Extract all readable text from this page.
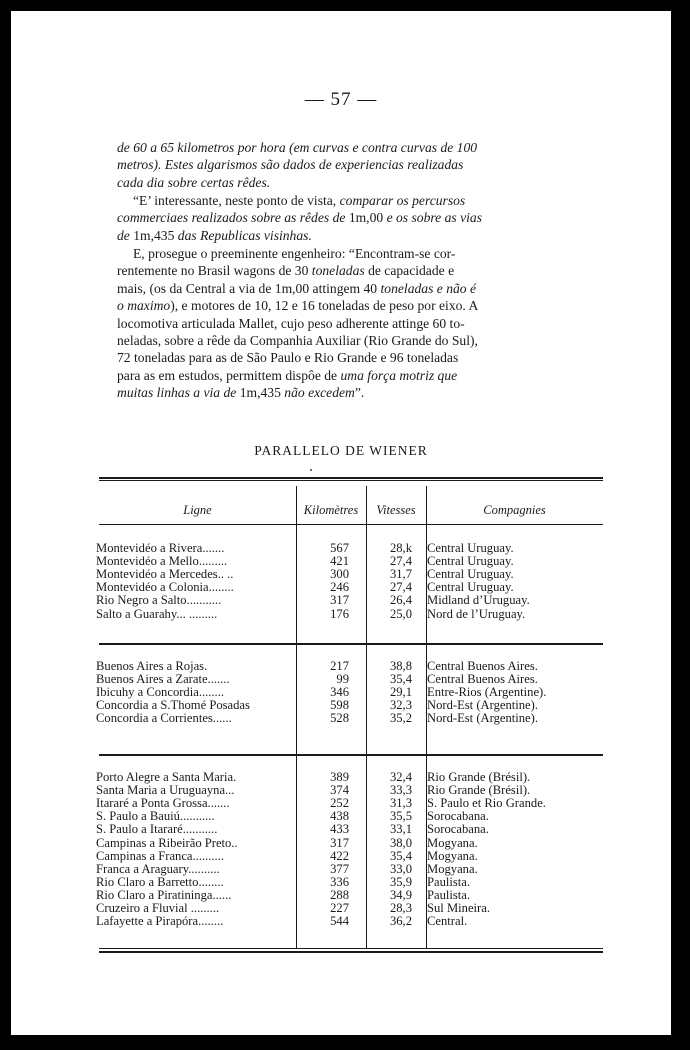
— 57 —
de 60 a 65 kilometros por hora (em curvas e contra curvas de 100
metros). Estes algarismos são dados de experiencias realizadas
cada dia sobre certas rêdes.
“E’ interessante, neste ponto de vista, comparar os percursos
commerciaes realizados sobre as rêdes de 1m,00 e os sobre as vias
de 1m,435 das Republicas visinhas.
E, prosegue o preeminente engenheiro: “Encontram-se cor-
rentemente no Brasil wagons de 30 toneladas de capacidade e
mais, (os da Central a via de 1m,00 attingem 40 toneladas e não é
o maximo), e motores de 10, 12 e 16 toneladas de peso por eixo. A
locomotiva articulada Mallet, cujo peso adherente attinge 60 to-
neladas, sobre a rêde da Companhia Auxiliar (Rio Grande do Sul),
72 toneladas para as de São Paulo e Rio Grande e 96 toneladas
para as em estudos, permittem dispôe de uma força motriz que
muitas linhas a via de 1m,435 não excedem”.
PARALLELO DE WIENER
Ligne	Kilomètres	Vitesses	Compagnies
Montevidéo a Rivera.......	567	28,k Central Uruguay.
Montevidéo a Mello.........	421	27,4 Central Uruguay.
Montevidéo a Mercedes.. ..	300	31,7 Central Uruguay.
Montevidéo a Colonia........	246	27,4 Central Uruguay.
Rio Negro a Salto...........	317	26,4 Midland d’Uruguay.
Salto a Guarahy... .........	176	25,0 Nord de l’Uruguay.
Buenos Aires a Rojas.	217	38,8 Central Buenos Aires.
Buenos Aires a Zarate.......	99	35,4 Central Buenos Aires.
Ibicuhy a Concordia........	346	29,1 Entre-Rios (Argentine).
Concordia a S.Thomé Posadas	598	32,3 Nord-Est (Argentine).
Concordia a Corrientes......	528	35,2 Nord-Est (Argentine).
Porto Alegre a Santa Maria.	389	32,4 Rio Grande (Brésil).
Santa Maria a Uruguayna...	374	33,3 Rio Grande (Brésil).
Itararé a Ponta Grossa.......	252	31,3 S. Paulo et Rio Grande.
S. Paulo a Bauiú...........	438	35,5 Sorocabana.
S. Paulo a Itararé...........	433	33,1 Sorocabana.
Campinas a Ribeirão Preto..	317	38,0 Mogyana.
Campinas a Franca..........	422	35,4 Mogyana.
Franca a Araguary..........	377	33,0 Mogyana.
Rio Claro a Barretto........	336	35,9 Paulista.
Rio Claro a Piratininga......	288	34,9 Paulista.
Cruzeiro a Fluvial .........	227	28,3 Sul Mineira.
Lafayette a Pirapóra........	544	36,2 Central.
